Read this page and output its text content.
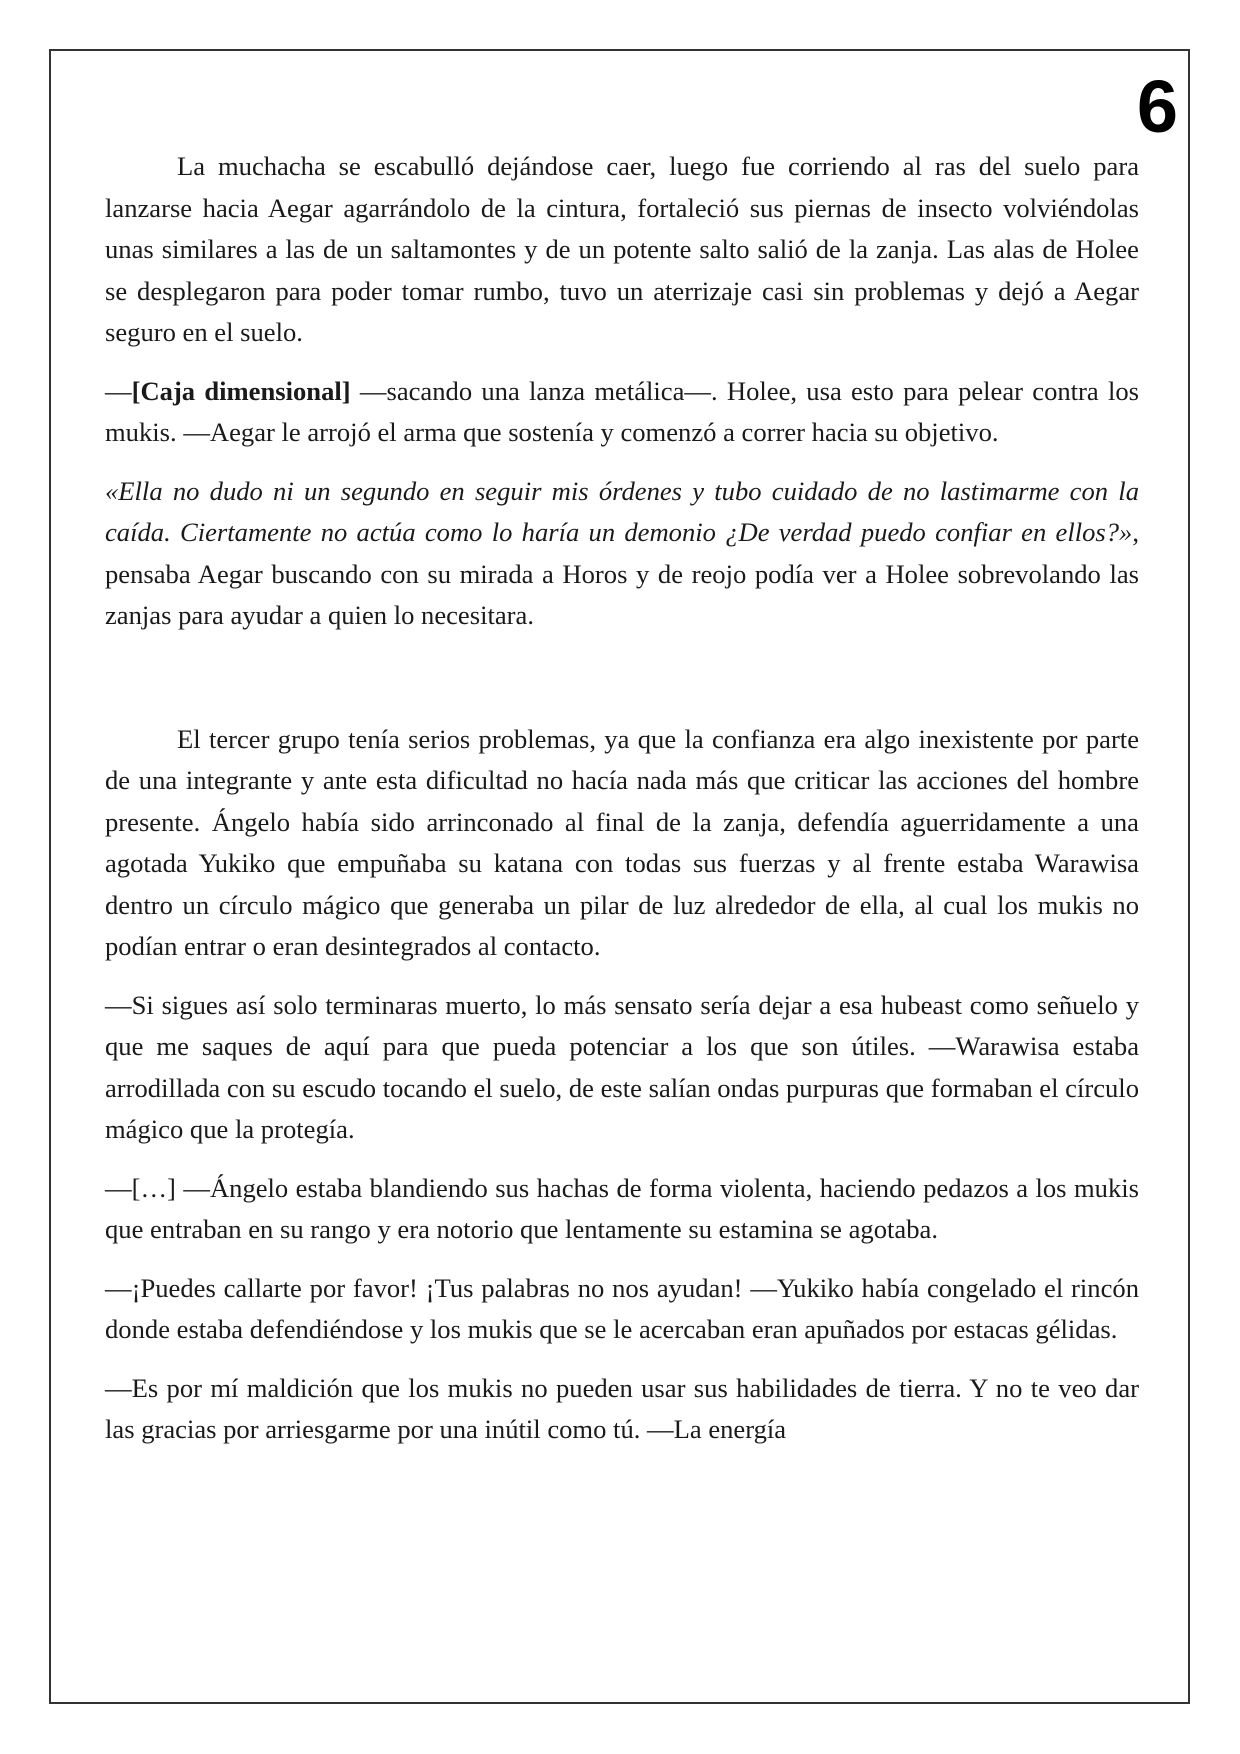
6

La muchacha se escabulló dejándose caer, luego fue corriendo al ras del suelo para lanzarse hacia Aegar agarrándolo de la cintura, fortaleció sus piernas de insecto volviéndolas unas similares a las de un saltamontes y de un potente salto salió de la zanja. Las alas de Holee se desplegaron para poder tomar rumbo, tuvo un aterrizaje casi sin problemas y dejó a Aegar seguro en el suelo.

—[Caja dimensional] —sacando una lanza metálica—. Holee, usa esto para pelear contra los mukis. —Aegar le arrojó el arma que sostenía y comenzó a correr hacia su objetivo.

«Ella no dudo ni un segundo en seguir mis órdenes y tubo cuidado de no lastimarme con la caída. Ciertamente no actúa como lo haría un demonio ¿De verdad puedo confiar en ellos?», pensaba Aegar buscando con su mirada a Horos y de reojo podía ver a Holee sobrevolando las zanjas para ayudar a quien lo necesitara.

El tercer grupo tenía serios problemas, ya que la confianza era algo inexistente por parte de una integrante y ante esta dificultad no hacía nada más que criticar las acciones del hombre presente. Ángelo había sido arrinconado al final de la zanja, defendía aguerridamente a una agotada Yukiko que empuñaba su katana con todas sus fuerzas y al frente estaba Warawisa dentro un círculo mágico que generaba un pilar de luz alrededor de ella, al cual los mukis no podían entrar o eran desintegrados al contacto.

—Si sigues así solo terminaras muerto, lo más sensato sería dejar a esa hubeast como señuelo y que me saques de aquí para que pueda potenciar a los que son útiles. —Warawisa estaba arrodillada con su escudo tocando el suelo, de este salían ondas purpuras que formaban el círculo mágico que la protegía.

—[…] —Ángelo estaba blandiendo sus hachas de forma violenta, haciendo pedazos a los mukis que entraban en su rango y era notorio que lentamente su estamina se agotaba.

—¡Puedes callarte por favor! ¡Tus palabras no nos ayudan! —Yukiko había congelado el rincón donde estaba defendiéndose y los mukis que se le acercaban eran apuñados por estacas gélidas.

—Es por mí maldición que los mukis no pueden usar sus habilidades de tierra. Y no te veo dar las gracias por arriesgarme por una inútil como tú. —La energía
